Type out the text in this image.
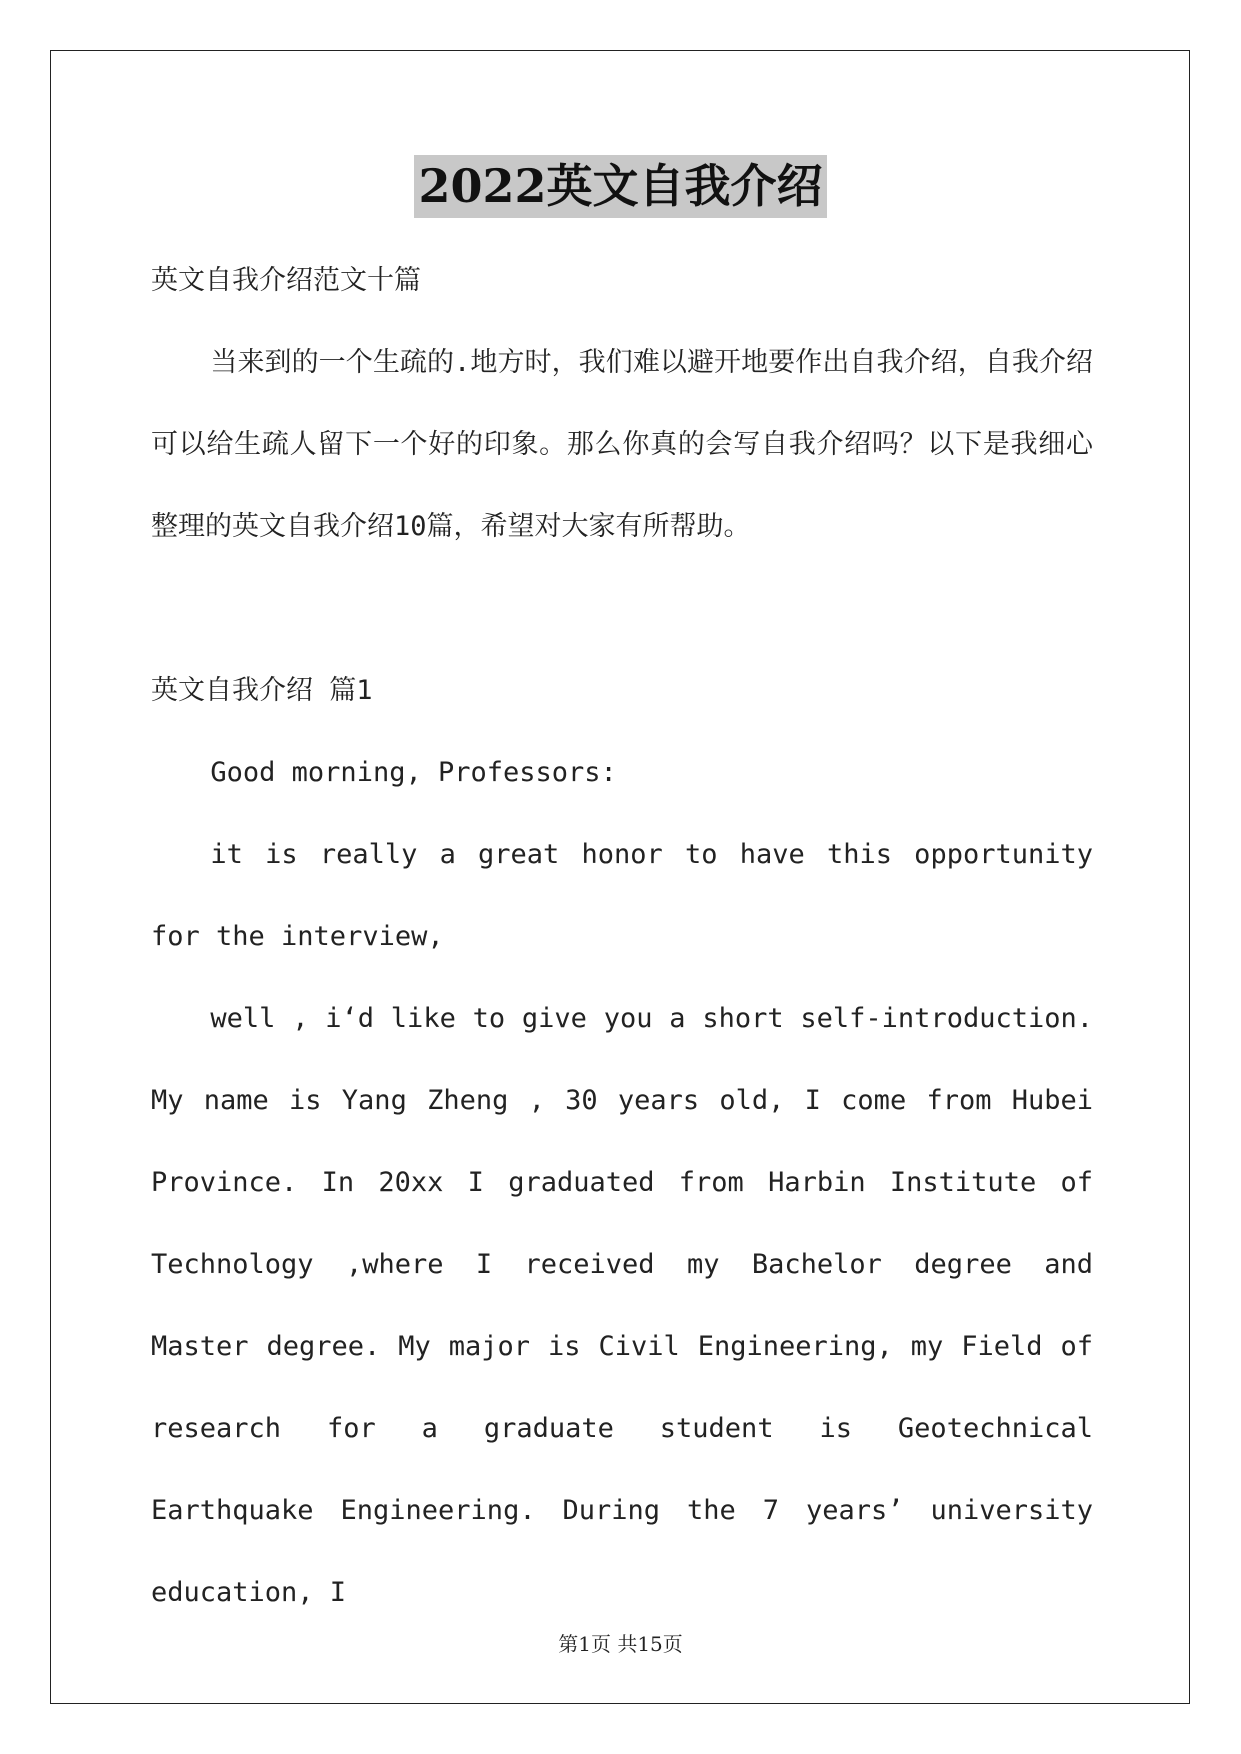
2022英文自我介绍

英文自我介绍范文十篇

当来到的一个生疏的.地方时，我们难以避开地要作出自我介绍，自我介绍可以给生疏人留下一个好的印象。那么你真的会写自我介绍吗？以下是我细心整理的英文自我介绍10篇，希望对大家有所帮助。

英文自我介绍 篇1

Good morning, Professors:

it is really a great honor to have this opportunity for the interview,

well , i‘d like to give you a short self-introduction. My name is Yang Zheng , 30 years old, I come from Hubei Province. In 20xx I graduated from Harbin Institute of Technology ,where I received my Bachelor degree and Master degree. My major is Civil Engineering, my Field of research for a graduate student is Geotechnical Earthquake Engineering. During the 7 years’ university education, I

第1页 共15页
